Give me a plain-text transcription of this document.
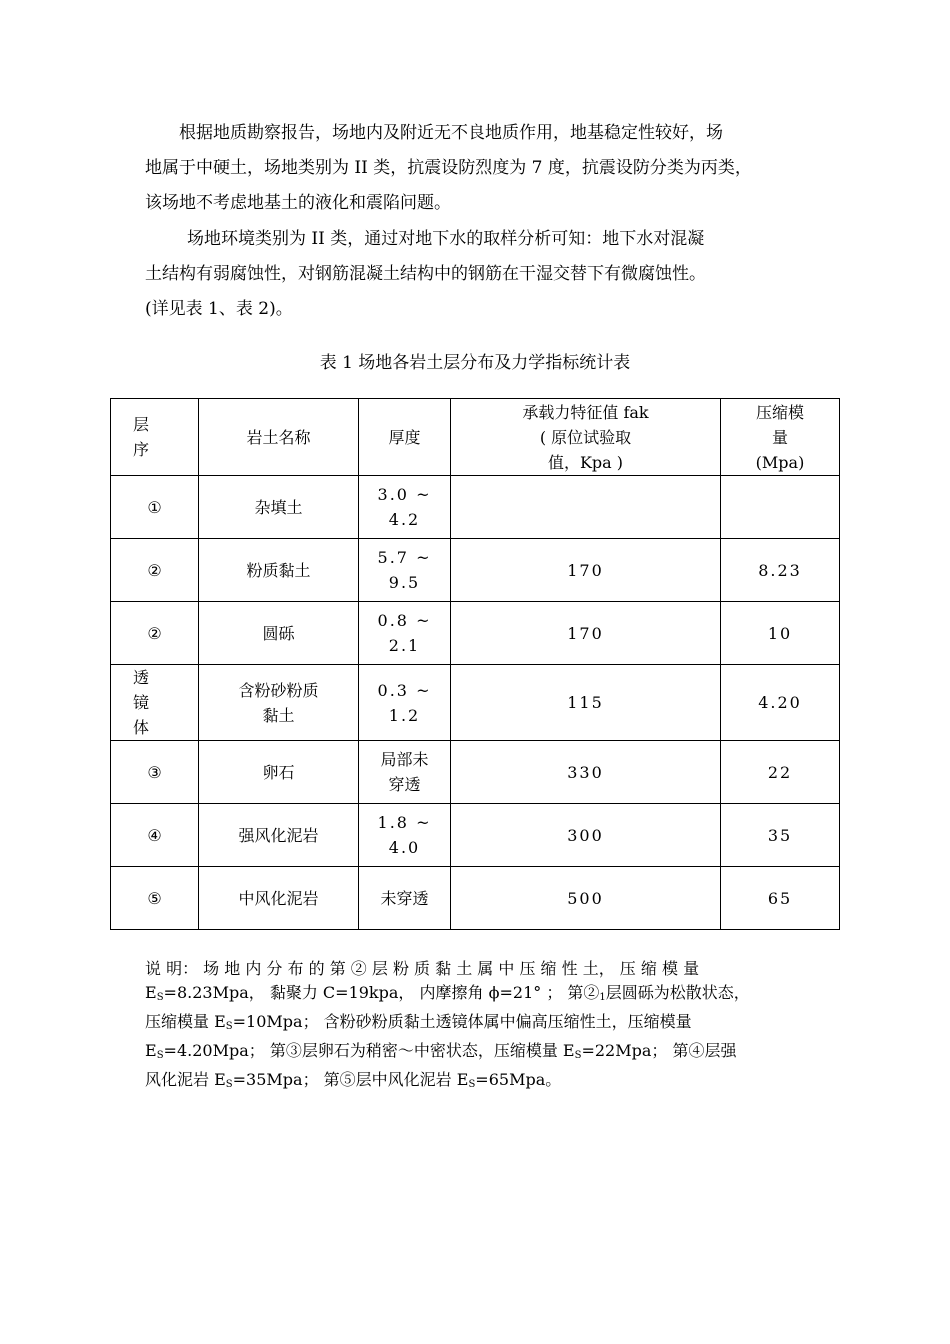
根据地质勘察报告，场地内及附近无不良地质作用，地基稳定性较好，场
地属于中硬土，场地类别为 II 类，抗震设防烈度为 7 度，抗震设防分类为丙类，
该场地不考虑地基土的液化和震陷问题。
场地环境类别为 II 类，通过对地下水的取样分析可知：地下水对混凝
土结构有弱腐蚀性，对钢筋混凝土结构中的钢筋在干湿交替下有微腐蚀性。
(详见表 1、表 2)。
表 1 场地各岩土层分布及力学指标统计表
层
序	岩土名称	厚度	承载力特征值 fak
( 原位试验取
值，Kpa )	压缩模
量
(Mpa)

①	杂填土	3.0 ~
4.2		

②	粉质黏土	5.7 ~
9.5	170	8.23
②	圆砾	0.8 ~
2.1	170	10

透
镜
体	含粉砂粉质
黏土	0.3 ~
1.2	115	4.20
③	卵石	局部未
穿透	330	22
④	强风化泥岩	1.8 ~
4.0	300	35
⑤	中风化泥岩	未穿透	500	65
说 明： 场 地 内 分 布 的 第 ② 层 粉 质 黏 土 属 中 压 缩 性 土， 压 缩 模 量
$E_S=8.23Mpa$， 黏聚力 C=19kpa， 内摩擦角 ϕ=21° ； 第$②_1$层圆砾为松散状态，
压缩模量 $E_S=10Mpa$； 含粉砂粉质黏土透镜体属中偏高压缩性土，压缩模量
$E_S=4.20Mpa$； 第③层卵石为稍密～中密状态，压缩模量 $E_S=22Mpa$； 第④层强
风化泥岩 $E_S=35Mpa$； 第⑤层中风化泥岩 $E_S=65Mpa$。
